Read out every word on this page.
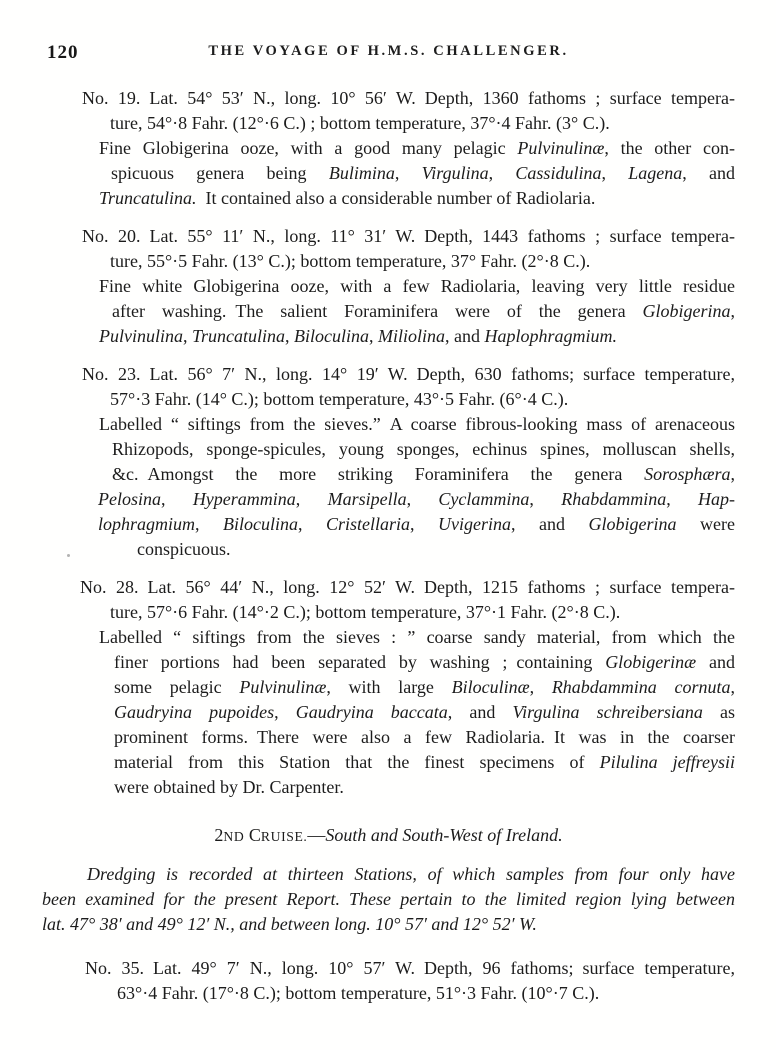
120	THE VOYAGE OF H.M.S. CHALLENGER.
No. 19. Lat. 54° 53′ N., long. 10° 56′ W. Depth, 1360 fathoms ; surface tempera-
ture, 54°·8 Fahr. (12°·6 C.) ; bottom temperature, 37°·4 Fahr. (3° C.).
Fine Globigerina ooze, with a good many pelagic Pulvinulinæ, the other con-
spicuous genera being Bulimina, Virgulina, Cassidulina, Lagena, and
Truncatulina. It contained also a considerable number of Radiolaria.
No. 20. Lat. 55° 11′ N., long. 11° 31′ W. Depth, 1443 fathoms ; surface tempera-
ture, 55°·5 Fahr. (13° C.); bottom temperature, 37° Fahr. (2°·8 C.).
Fine white Globigerina ooze, with a few Radiolaria, leaving very little residue
after washing. The salient Foraminifera were of the genera Globigerina,
Pulvinulina, Truncatulina, Biloculina, Miliolina, and Haplophragmium.
No. 23. Lat. 56° 7′ N., long. 14° 19′ W. Depth, 630 fathoms; surface temperature,
57°·3 Fahr. (14° C.); bottom temperature, 43°·5 Fahr. (6°·4 C.).
Labelled “ siftings from the sieves.” A coarse fibrous-looking mass of arenaceous
Rhizopods, sponge-spicules, young sponges, echinus spines, molluscan shells,
&c. Amongst the more striking Foraminifera the genera Sorosphæra,
Pelosina, Hyperammina, Marsipella, Cyclammina, Rhabdammina, Hap-
lophragmium, Biloculina, Cristellaria, Uvigerina, and Globigerina were
conspicuous.
No. 28. Lat. 56° 44′ N., long. 12° 52′ W. Depth, 1215 fathoms ; surface tempera-
ture, 57°·6 Fahr. (14°·2 C.); bottom temperature, 37°·1 Fahr. (2°·8 C.).
Labelled “ siftings from the sieves : ” coarse sandy material, from which the
finer portions had been separated by washing ; containing Globigerinæ and
some pelagic Pulvinulinæ, with large Biloculinæ, Rhabdammina cornuta,
Gaudryina pupoides, Gaudryina baccata, and Virgulina schreibersiana as
prominent forms. There were also a few Radiolaria. It was in the coarser
material from this Station that the finest specimens of Pilulina jeffreysii
were obtained by Dr. Carpenter.
2ND CRUISE.—South and South-West of Ireland.
Dredging is recorded at thirteen Stations, of which samples from four only have
been examined for the present Report. These pertain to the limited region lying between
lat. 47° 38′ and 49° 12′ N., and between long. 10° 57′ and 12° 52′ W.
No. 35. Lat. 49° 7′ N., long. 10° 57′ W. Depth, 96 fathoms; surface temperature,
63°·4 Fahr. (17°·8 C.); bottom temperature, 51°·3 Fahr. (10°·7 C.).
